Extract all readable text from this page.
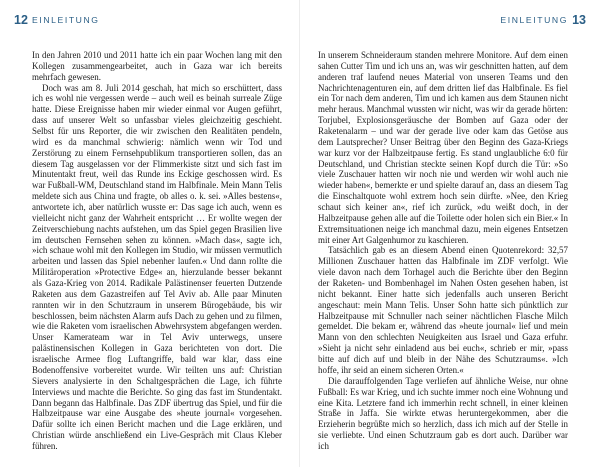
12 EINLEITUNG

In den Jahren 2010 und 2011 hatte ich ein paar Wochen lang mit den Kollegen zusammengearbeitet, auch in Gaza war ich bereits mehrfach gewesen.

Doch was am 8. Juli 2014 geschah, hat mich so erschüttert, dass ich es wohl nie vergessen werde – auch weil es beinah surreale Züge hatte. Diese Ereignisse haben mir wieder einmal vor Augen geführt, dass auf unserer Welt so unfassbar vieles gleichzeitig geschieht. Selbst für uns Reporter, die wir zwischen den Realitäten pendeln, wird es da manchmal schwierig: nämlich wenn wir Tod und Zerstörung zu einem Fernsehpublikum transportieren sollen, das an diesem Tag ausgelassen vor der Flimmerkiste sitzt und sich fast im Minutentakt freut, weil das Runde ins Eckige geschossen wird. Es war Fußball-WM, Deutschland stand im Halbfinale. Mein Mann Telis meldete sich aus China und fragte, ob alles o. k. sei. »Alles bestens«, antwortete ich, aber natürlich wusste er: Das sage ich auch, wenn es vielleicht nicht ganz der Wahrheit entspricht … Er wollte wegen der Zeitverschiebung nachts aufstehen, um das Spiel gegen Brasilien live im deutschen Fernsehen sehen zu können. »Mach das«, sagte ich, »ich schaue wohl mit den Kollegen im Studio, wir müssen vermutlich arbeiten und lassen das Spiel nebenher laufen.« Und dann rollte die Militäroperation »Protective Edge« an, hierzulande besser bekannt als Gaza-Krieg von 2014. Radikale Palästinenser feuerten Dutzende Raketen aus dem Gazastreifen auf Tel Aviv ab. Alle paar Minuten rannten wir in den Schutzraum in unserem Bürogebäude, bis wir beschlossen, beim nächsten Alarm aufs Dach zu gehen und zu filmen, wie die Raketen vom israelischen Abwehrsystem abgefangen werden. Unser Kamerateam war in Tel Aviv unterwegs, unsere palästinensischen Kollegen in Gaza berichteten von dort. Die israelische Armee flog Luftangriffe, bald war klar, dass eine Bodenoffensive vorbereitet wurde. Wir teilten uns auf: Christian Sievers analysierte in den Schaltgesprächen die Lage, ich führte Interviews und machte die Berichte. So ging das fast im Stundentakt. Dann begann das Halbfinale. Das ZDF übertrug das Spiel, und für die Halbzeitpause war eine Ausgabe des »heute journal« vorgesehen. Dafür sollte ich einen Bericht machen und die Lage erklären, und Christian würde anschließend ein Live-Gespräch mit Claus Kleber führen.

EINLEITUNG 13

In unserem Schneideraum standen mehrere Monitore. Auf dem einen sahen Cutter Tim und ich uns an, was wir geschnitten hatten, auf dem anderen traf laufend neues Material von unseren Teams und den Nachrichtenagenturen ein, auf dem dritten lief das Halbfinale. Es fiel ein Tor nach dem anderen, Tim und ich kamen aus dem Staunen nicht mehr heraus. Manchmal wussten wir nicht, was wir da gerade hörten: Torjubel, Explosionsgeräusche der Bomben auf Gaza oder der Raketenalarm – und war der gerade live oder kam das Getöse aus dem Lautsprecher? Unser Beitrag über den Beginn des Gaza-Kriegs war kurz vor der Halbzeitpause fertig. Es stand unglaubliche 6:0 für Deutschland, und Christian steckte seinen Kopf durch die Tür: »So viele Zuschauer hatten wir noch nie und werden wir wohl auch nie wieder haben«, bemerkte er und spielte darauf an, dass an diesem Tag die Einschaltquote wohl extrem hoch sein dürfte. »Nee, den Krieg schaut sich keiner an«, rief ich zurück, »du weißt doch, in der Halbzeitpause gehen alle auf die Toilette oder holen sich ein Bier.« In Extremsituationen neige ich manchmal dazu, mein eigenes Entsetzen mit einer Art Galgenhumor zu kaschieren.

Tatsächlich gab es an diesem Abend einen Quotenrekord: 32,57 Millionen Zuschauer hatten das Halbfinale im ZDF verfolgt. Wie viele davon nach dem Torhagel auch die Berichte über den Beginn der Raketen- und Bombenhagel im Nahen Osten gesehen haben, ist nicht bekannt. Einer hatte sich jedenfalls auch unseren Bericht angeschaut: mein Mann Telis. Unser Sohn hatte sich pünktlich zur Halbzeitpause mit Schnuller nach seiner nächtlichen Flasche Milch gemeldet. Die bekam er, während das »heute journal« lief und mein Mann von den schlechten Neuigkeiten aus Israel und Gaza erfuhr. »Sieht ja nicht sehr einladend aus bei euch«, schrieb er mir, »pass bitte auf dich auf und bleib in der Nähe des Schutzraums«. »Ich hoffe, ihr seid an einem sicheren Orten.«

Die darauffolgenden Tage verliefen auf ähnliche Weise, nur ohne Fußball: Es war Krieg, und ich suchte immer noch eine Wohnung und eine Kita. Letztere fand ich immerhin recht schnell, in einer kleinen Straße in Jaffa. Sie wirkte etwas heruntergekommen, aber die Erzieherin begrüßte mich so herzlich, dass ich mich auf der Stelle in sie verliebte. Und einen Schutzraum gab es dort auch. Darüber war ich
